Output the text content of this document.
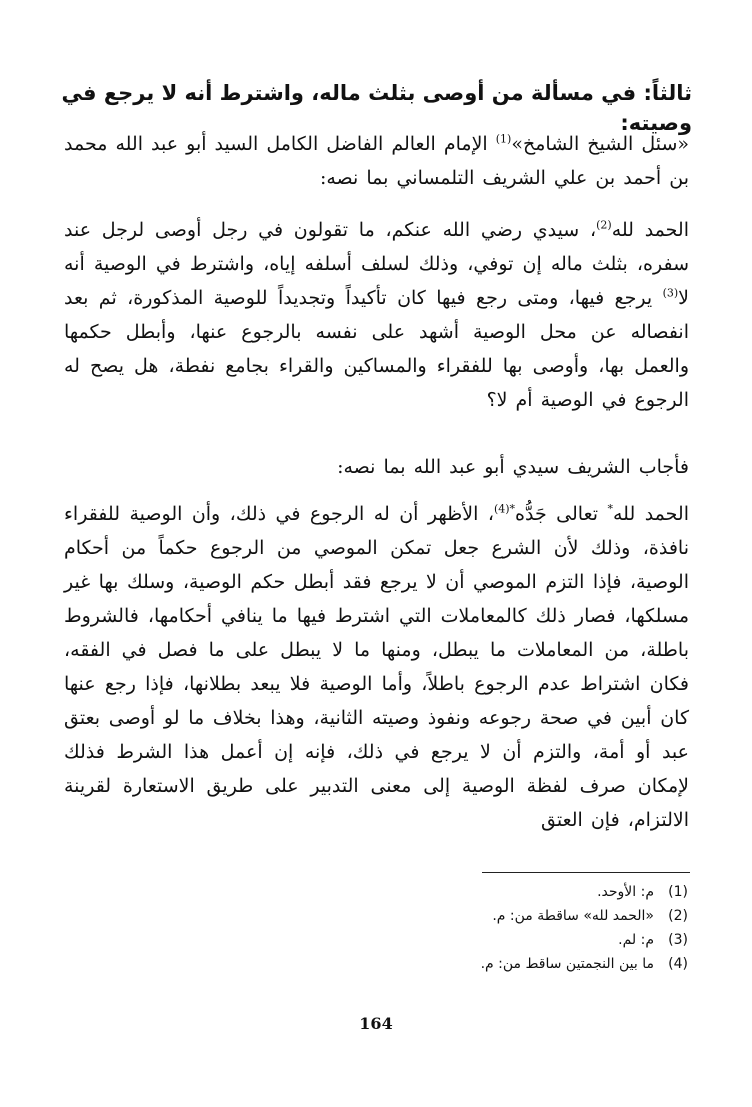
ثالثاً: في مسألة من أوصى بثلث ماله، واشترط أنه لا يرجع في وصيته:
«سئل الشيخ الشامخ»$^{(1)}$ الإمام العالم الفاضل الكامل السيد أبو عبد الله محمد بن أحمد بن علي الشريف التلمساني بما نصه:
الحمد لله$^{(2)}$، سيدي رضي الله عنكم، ما تقولون في رجل أوصى لرجل عند سفره، بثلث ماله إن توفي، وذلك لسلف أسلفه إياه، واشترط في الوصية أنه لا$^{(3)}$ يرجع فيها، ومتى رجع فيها كان تأكيداً وتجديداً للوصية المذكورة، ثم بعد انفصاله عن محل الوصية أشهد على نفسه بالرجوع عنها، وأبطل حكمها والعمل بها، وأوصى بها للفقراء والمساكين والقراء بجامع نفطة، هل يصح له الرجوع في الوصية أم لا؟
فأجاب الشريف سيدي أبو عبد الله بما نصه:
الحمد لله* تعالى جَدُّه$^{*(4)}$، الأظهر أن له الرجوع في ذلك، وأن الوصية للفقراء نافذة، وذلك لأن الشرع جعل تمكن الموصي من الرجوع حكماً من أحكام الوصية، فإذا التزم الموصي أن لا يرجع فقد أبطل حكم الوصية، وسلك بها غير مسلكها، فصار ذلك كالمعاملات التي اشترط فيها ما ينافي أحكامها، فالشروط باطلة، من المعاملات ما يبطل، ومنها ما لا يبطل على ما فصل في الفقه، فكان اشتراط عدم الرجوع باطلاً، وأما الوصية فلا يبعد بطلانها، فإذا رجع عنها كان أبين في صحة رجوعه ونفوذ وصيته الثانية، وهذا بخلاف ما لو أوصى بعتق عبد أو أمة، والتزم أن لا يرجع في ذلك، فإنه إن أعمل هذا الشرط فذلك لإمكان صرف لفظة الوصية إلى معنى التدبير على طريق الاستعارة لقرينة الالتزام، فإن العتق
(1)
م: الأوحد.
(2)
«الحمد لله» ساقطة من: م.
(3)
م: لم.
(4)
ما بين النجمتين ساقط من: م.
164
